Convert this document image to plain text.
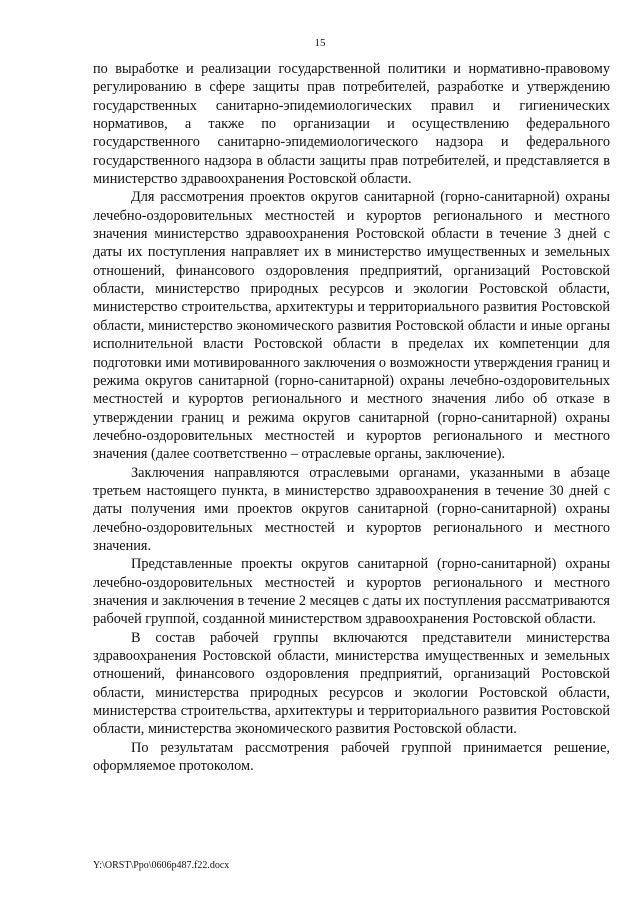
15

по выработке и реализации государственной политики и нормативно-правовому регулированию в сфере защиты прав потребителей, разработке и утверждению государственных санитарно-эпидемиологических правил и гигиенических нормативов, а также по организации и осуществлению федерального государственного санитарно-эпидемиологического надзора и федерального государственного надзора в области защиты прав потребителей, и представляется в министерство здравоохранения Ростовской области.

Для рассмотрения проектов округов санитарной (горно-санитарной) охраны лечебно-оздоровительных местностей и курортов регионального и местного значения министерство здравоохранения Ростовской области в течение 3 дней с даты их поступления направляет их в министерство имущественных и земельных отношений, финансового оздоровления предприятий, организаций Ростовской области, министерство природных ресурсов и экологии Ростовской области, министерство строительства, архитектуры и территориального развития Ростовской области, министерство экономического развития Ростовской области и иные органы исполнительной власти Ростовской области в пределах их компетенции для подготовки ими мотивированного заключения о возможности утверждения границ и режима округов санитарной (горно-санитарной) охраны лечебно-оздоровительных местностей и курортов регионального и местного значения либо об отказе в утверждении границ и режима округов санитарной (горно-санитарной) охраны лечебно-оздоровительных местностей и курортов регионального и местного значения (далее соответственно – отраслевые органы, заключение).

Заключения направляются отраслевыми органами, указанными в абзаце третьем настоящего пункта, в министерство здравоохранения в течение 30 дней с даты получения ими проектов округов санитарной (горно-санитарной) охраны лечебно-оздоровительных местностей и курортов регионального и местного значения.

Представленные проекты округов санитарной (горно-санитарной) охраны лечебно-оздоровительных местностей и курортов регионального и местного значения и заключения в течение 2 месяцев с даты их поступления рассматриваются рабочей группой, созданной министерством здравоохранения Ростовской области.

В состав рабочей группы включаются представители министерства здравоохранения Ростовской области, министерства имущественных и земельных отношений, финансового оздоровления предприятий, организаций Ростовской области, министерства природных ресурсов и экологии Ростовской области, министерства строительства, архитектуры и территориального развития Ростовской области, министерства экономического развития Ростовской области.

По результатам рассмотрения рабочей группой принимается решение, оформляемое протоколом.

Y:\ORST\Ppo\0606p487.f22.docx
